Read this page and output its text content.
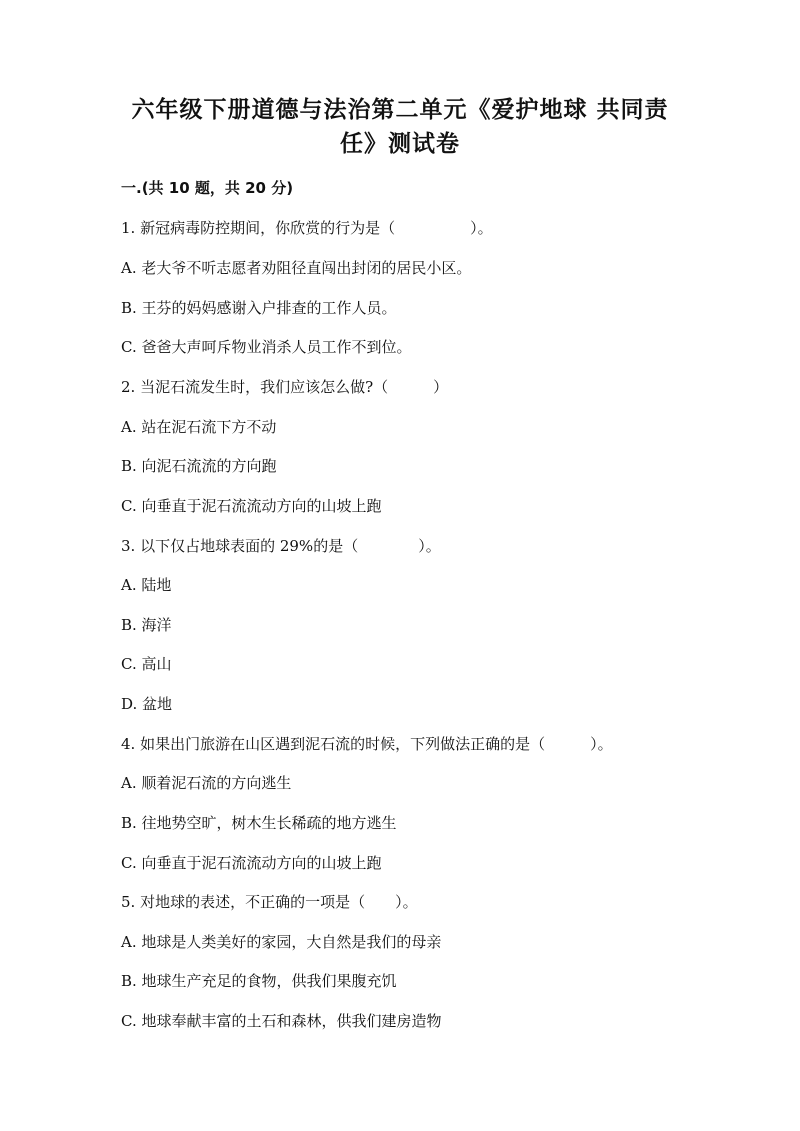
六年级下册道德与法治第二单元《爱护地球 共同责
任》测试卷
一.(共 10 题，共 20 分)
1. 新冠病毒防控期间，你欣赏的行为是（　　　　　）。
A. 老大爷不听志愿者劝阻径直闯出封闭的居民小区。
B. 王芬的妈妈感谢入户排查的工作人员。
C. 爸爸大声呵斥物业消杀人员工作不到位。
2. 当泥石流发生时，我们应该怎么做?（　　　）
A. 站在泥石流下方不动
B. 向泥石流流的方向跑
C. 向垂直于泥石流流动方向的山坡上跑
3. 以下仅占地球表面的 29%的是（　　　　）。
A. 陆地
B. 海洋
C. 高山
D. 盆地
4. 如果出门旅游在山区遇到泥石流的时候，下列做法正确的是（　　　）。
A. 顺着泥石流的方向逃生
B. 往地势空旷，树木生长稀疏的地方逃生
C. 向垂直于泥石流流动方向的山坡上跑
5. 对地球的表述，不正确的一项是（　　）。
A. 地球是人类美好的家园，大自然是我们的母亲
B. 地球生产充足的食物，供我们果腹充饥
C. 地球奉献丰富的土石和森林，供我们建房造物
